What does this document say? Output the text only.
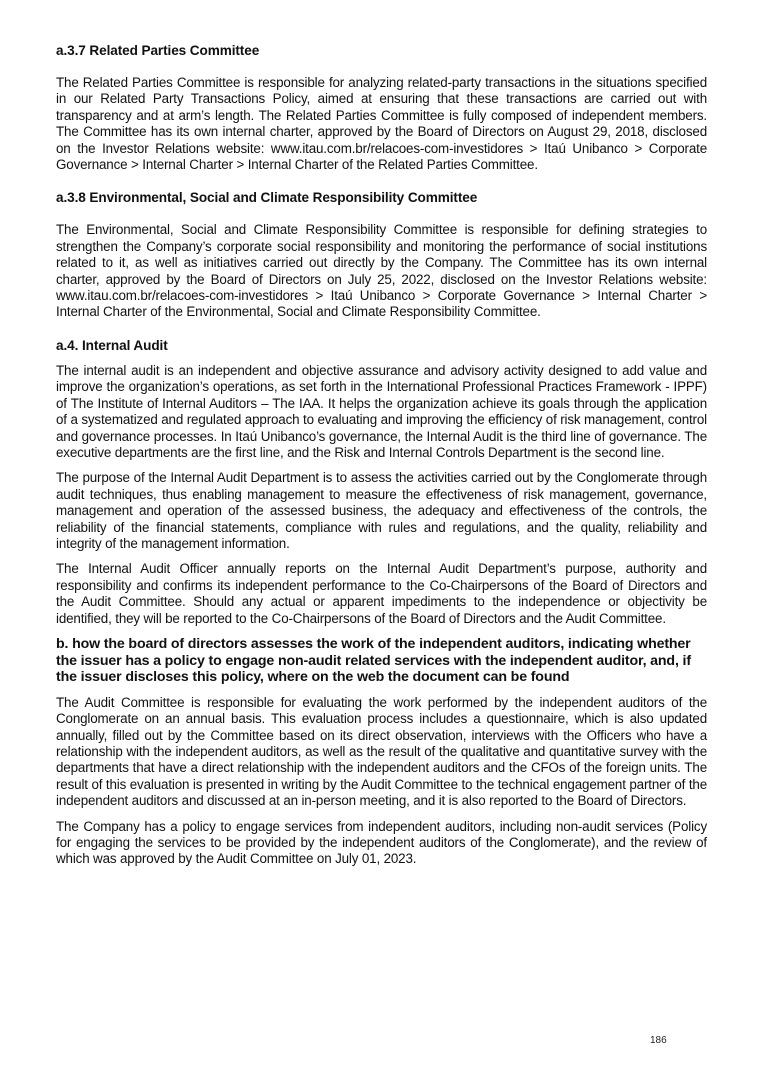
a.3.7 Related Parties Committee

The Related Parties Committee is responsible for analyzing related-party transactions in the situations specified in our Related Party Transactions Policy, aimed at ensuring that these transactions are carried out with transparency and at arm’s length. The Related Parties Committee is fully composed of independent members. The Committee has its own internal charter, approved by the Board of Directors on August 29, 2018, disclosed on the Investor Relations website: www.itau.com.br/relacoes-com-investidores > Itaú Unibanco > Corporate Governance > Internal Charter > Internal Charter of the Related Parties Committee.

a.3.8 Environmental, Social and Climate Responsibility Committee

The Environmental, Social and Climate Responsibility Committee is responsible for defining strategies to strengthen the Company’s corporate social responsibility and monitoring the performance of social institutions related to it, as well as initiatives carried out directly by the Company. The Committee has its own internal charter, approved by the Board of Directors on July 25, 2022, disclosed on the Investor Relations website: www.itau.com.br/relacoes-com-investidores > Itaú Unibanco > Corporate Governance > Internal Charter > Internal Charter of the Environmental, Social and Climate Responsibility Committee.

a.4. Internal Audit

The internal audit is an independent and objective assurance and advisory activity designed to add value and improve the organization’s operations, as set forth in the International Professional Practices Framework - IPPF) of The Institute of Internal Auditors – The IAA. It helps the organization achieve its goals through the application of a systematized and regulated approach to evaluating and improving the efficiency of risk management, control and governance processes. In Itaú Unibanco’s governance, the Internal Audit is the third line of governance. The executive departments are the first line, and the Risk and Internal Controls Department is the second line.

The purpose of the Internal Audit Department is to assess the activities carried out by the Conglomerate through audit techniques, thus enabling management to measure the effectiveness of risk management, governance, management and operation of the assessed business, the adequacy and effectiveness of the controls, the reliability of the financial statements, compliance with rules and regulations, and the quality, reliability and integrity of the management information.

The Internal Audit Officer annually reports on the Internal Audit Department’s purpose, authority and responsibility and confirms its independent performance to the Co-Chairpersons of the Board of Directors and the Audit Committee. Should any actual or apparent impediments to the independence or objectivity be identified, they will be reported to the Co-Chairpersons of the Board of Directors and the Audit Committee.

b. how the board of directors assesses the work of the independent auditors, indicating whether the issuer has a policy to engage non-audit related services with the independent auditor, and, if the issuer discloses this policy, where on the web the document can be found

The Audit Committee is responsible for evaluating the work performed by the independent auditors of the Conglomerate on an annual basis. This evaluation process includes a questionnaire, which is also updated annually, filled out by the Committee based on its direct observation, interviews with the Officers who have a relationship with the independent auditors, as well as the result of the qualitative and quantitative survey with the departments that have a direct relationship with the independent auditors and the CFOs of the foreign units. The result of this evaluation is presented in writing by the Audit Committee to the technical engagement partner of the independent auditors and discussed at an in-person meeting, and it is also reported to the Board of Directors.

The Company has a policy to engage services from independent auditors, including non-audit services (Policy for engaging the services to be provided by the independent auditors of the Conglomerate), and the review of which was approved by the Audit Committee on July 01, 2023.

186
